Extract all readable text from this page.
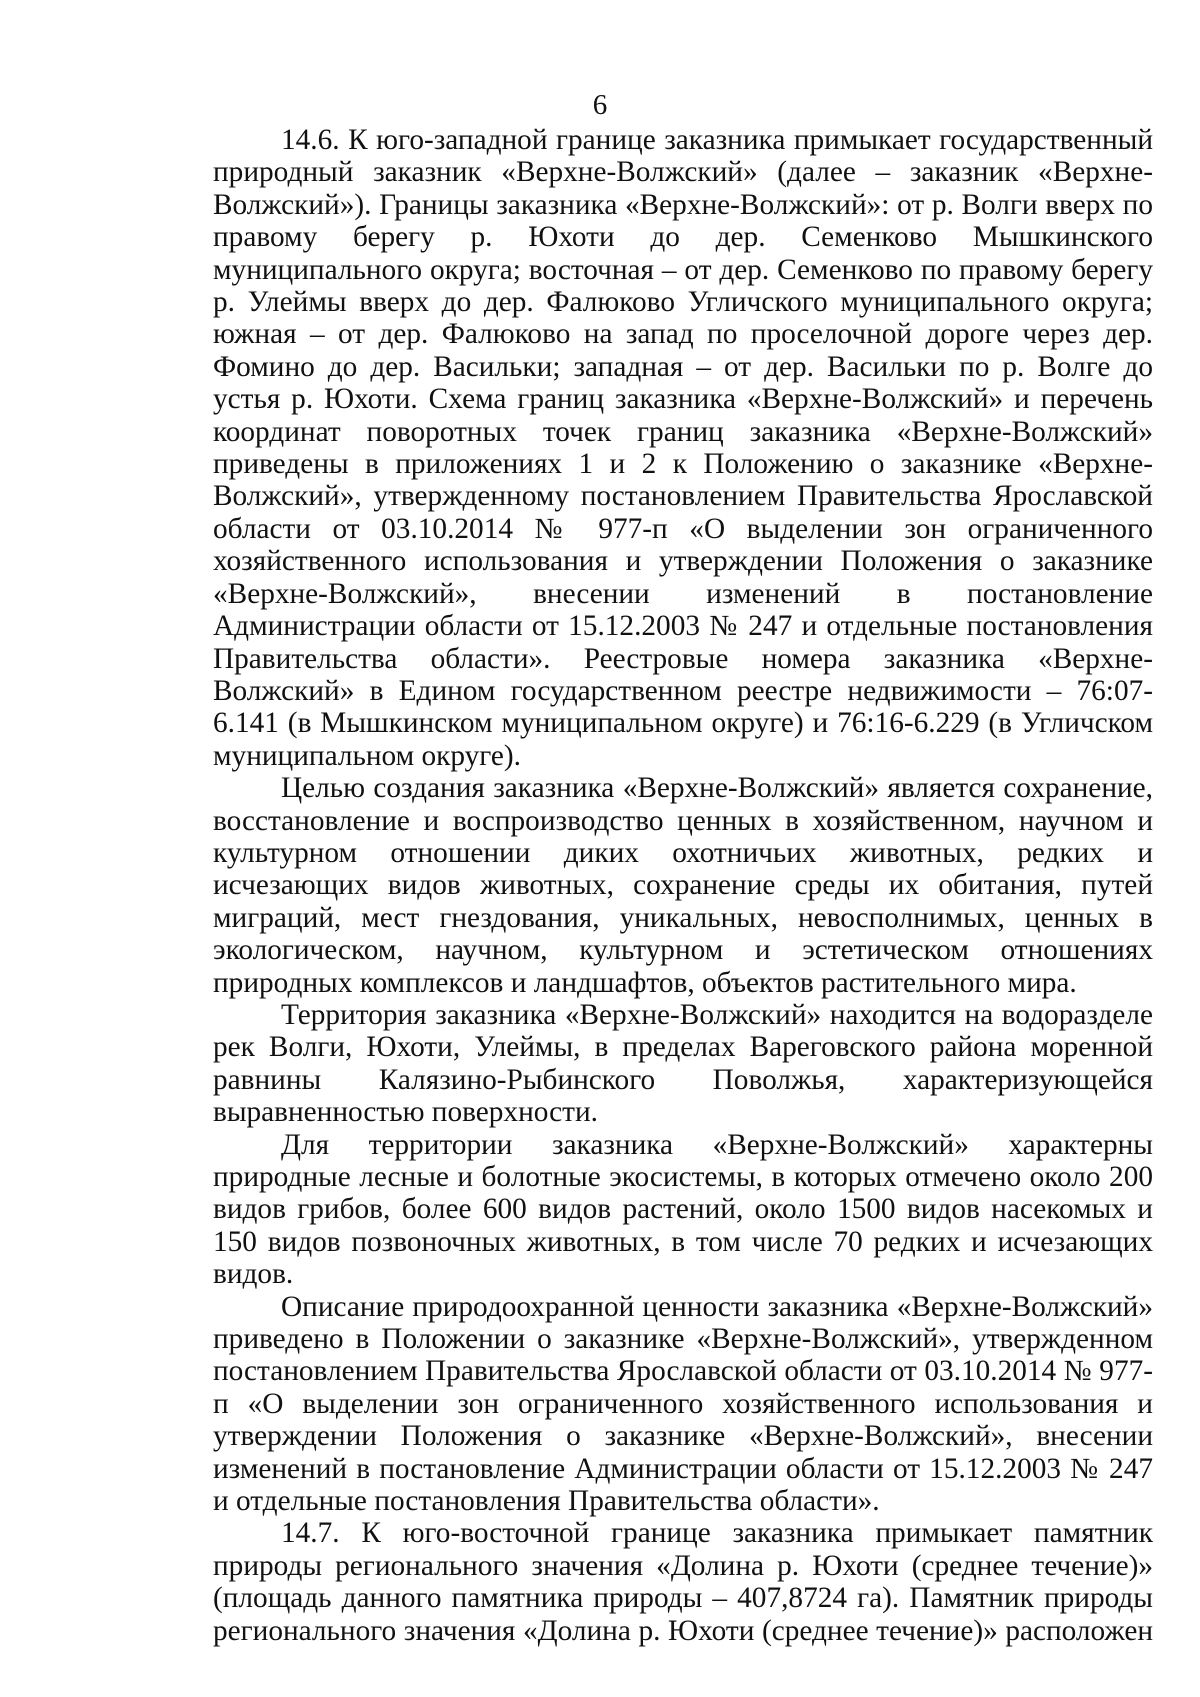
6

14.6. К юго-западной границе заказника примыкает государственный природный заказник «Верхне-Волжский» (далее – заказник «Верхне-Волжский»). Границы заказника «Верхне-Волжский»: от р. Волги вверх по правому берегу р. Юхоти до дер. Семенково Мышкинского муниципального округа; восточная – от дер. Семенково по правому берегу р. Улеймы вверх до дер. Фалюково Угличского муниципального округа; южная – от дер. Фалюково на запад по проселочной дороге через дер. Фомино до дер. Васильки; западная – от дер. Васильки по р. Волге до устья р. Юхоти. Схема границ заказника «Верхне-Волжский» и перечень координат поворотных точек границ заказника «Верхне-Волжский» приведены в приложениях 1 и 2 к Положению о заказнике «Верхне-Волжский», утвержденному постановлением Правительства Ярославской области от 03.10.2014 № 977-п «О выделении зон ограниченного хозяйственного использования и утверждении Положения о заказнике «Верхне-Волжский», внесении изменений в постановление Администрации области от 15.12.2003 № 247 и отдельные постановления Правительства области». Реестровые номера заказника «Верхне-Волжский» в Едином государственном реестре недвижимости – 76:07-6.141 (в Мышкинском муниципальном округе) и 76:16-6.229 (в Угличском муниципальном округе).

Целью создания заказника «Верхне-Волжский» является сохранение, восстановление и воспроизводство ценных в хозяйственном, научном и культурном отношении диких охотничьих животных, редких и исчезающих видов животных, сохранение среды их обитания, путей миграций, мест гнездования, уникальных, невосполнимых, ценных в экологическом, научном, культурном и эстетическом отношениях природных комплексов и ландшафтов, объектов растительного мира.

Территория заказника «Верхне-Волжский» находится на водоразделе рек Волги, Юхоти, Улеймы, в пределах Вареговского района моренной равнины Калязино-Рыбинского Поволжья, характеризующейся выравненностью поверхности.

Для территории заказника «Верхне-Волжский» характерны природные лесные и болотные экосистемы, в которых отмечено около 200 видов грибов, более 600 видов растений, около 1500 видов насекомых и 150 видов позвоночных животных, в том числе 70 редких и исчезающих видов.

Описание природоохранной ценности заказника «Верхне-Волжский» приведено в Положении о заказнике «Верхне-Волжский», утвержденном постановлением Правительства Ярославской области от 03.10.2014 № 977-п «О выделении зон ограниченного хозяйственного использования и утверждении Положения о заказнике «Верхне-Волжский», внесении изменений в постановление Администрации области от 15.12.2003 № 247 и отдельные постановления Правительства области».

14.7. К юго-восточной границе заказника примыкает памятник природы регионального значения «Долина р. Юхоти (среднее течение)» (площадь данного памятника природы – 407,8724 га). Памятник природы регионального значения «Долина р. Юхоти (среднее течение)» расположен
